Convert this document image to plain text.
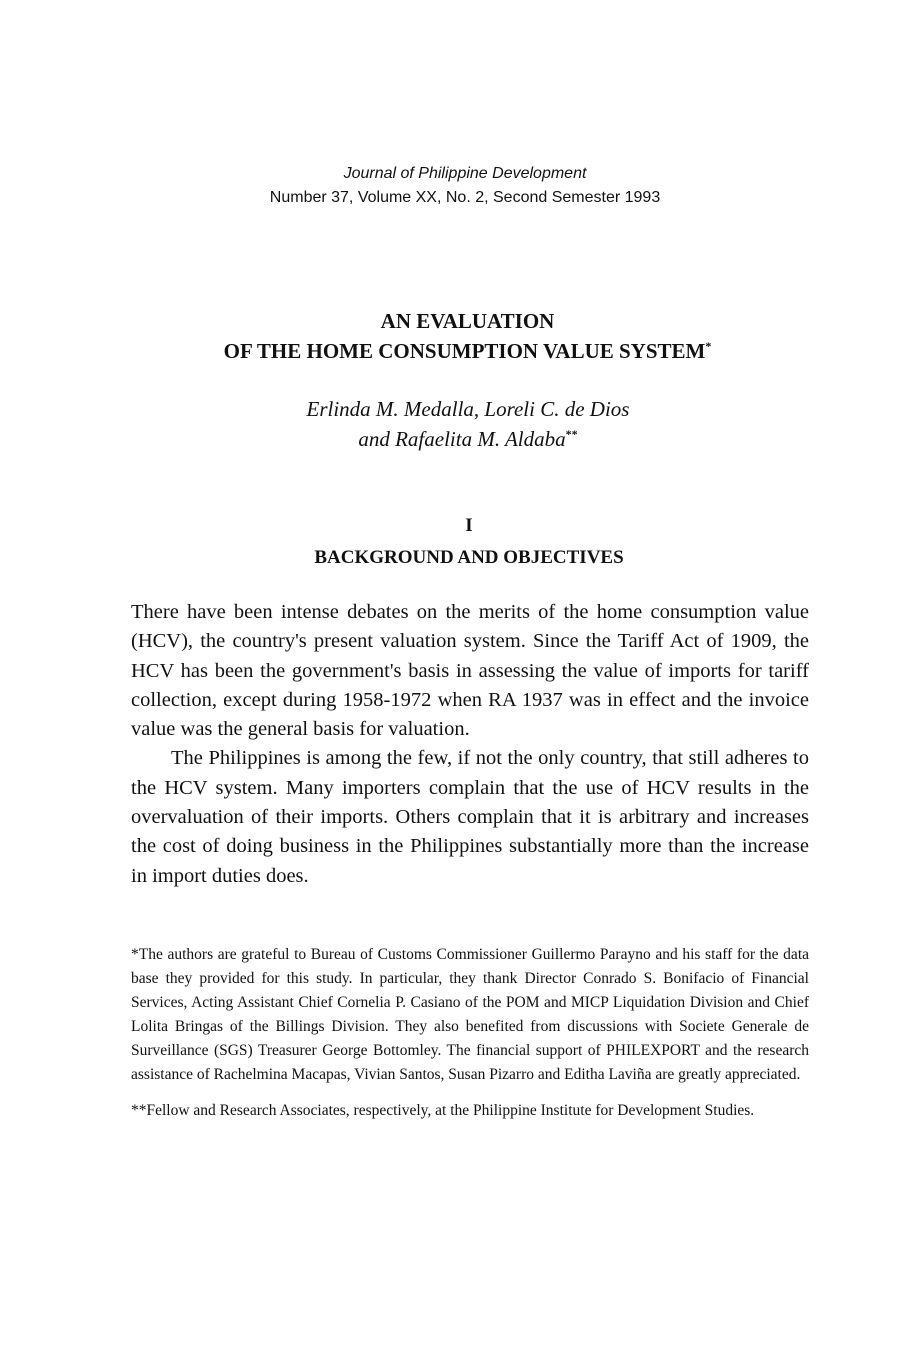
Journal of Philippine Development
Number 37, Volume XX, No. 2, Second Semester 1993
AN EVALUATION
OF THE HOME CONSUMPTION VALUE SYSTEM*
Erlinda M. Medalla, Loreli C. de Dios
and Rafaelita M. Aldaba**
I
BACKGROUND AND OBJECTIVES

There have been intense debates on the merits of the home consumption value (HCV), the country's present valuation system. Since the Tariff Act of 1909, the HCV has been the government's basis in assessing the value of imports for tariff collection, except during 1958-1972 when RA 1937 was in effect and the invoice value was the general basis for valuation.

The Philippines is among the few, if not the only country, that still adheres to the HCV system. Many importers complain that the use of HCV results in the overvaluation of their imports. Others complain that it is arbitrary and increases the cost of doing business in the Philippines substantially more than the increase in import duties does.

*The authors are grateful to Bureau of Customs Commissioner Guillermo Parayno and his staff for the data base they provided for this study. In particular, they thank Director Conrado S. Bonifacio of Financial Services, Acting Assistant Chief Cornelia P. Casiano of the POM and MICP Liquidation Division and Chief Lolita Bringas of the Billings Division. They also benefited from discussions with Societe Generale de Surveillance (SGS) Treasurer George Bottomley. The financial support of PHILEXPORT and the research assistance of Rachelmina Macapas, Vivian Santos, Susan Pizarro and Editha Laviña are greatly appreciated.

**Fellow and Research Associates, respectively, at the Philippine Institute for Development Studies.
